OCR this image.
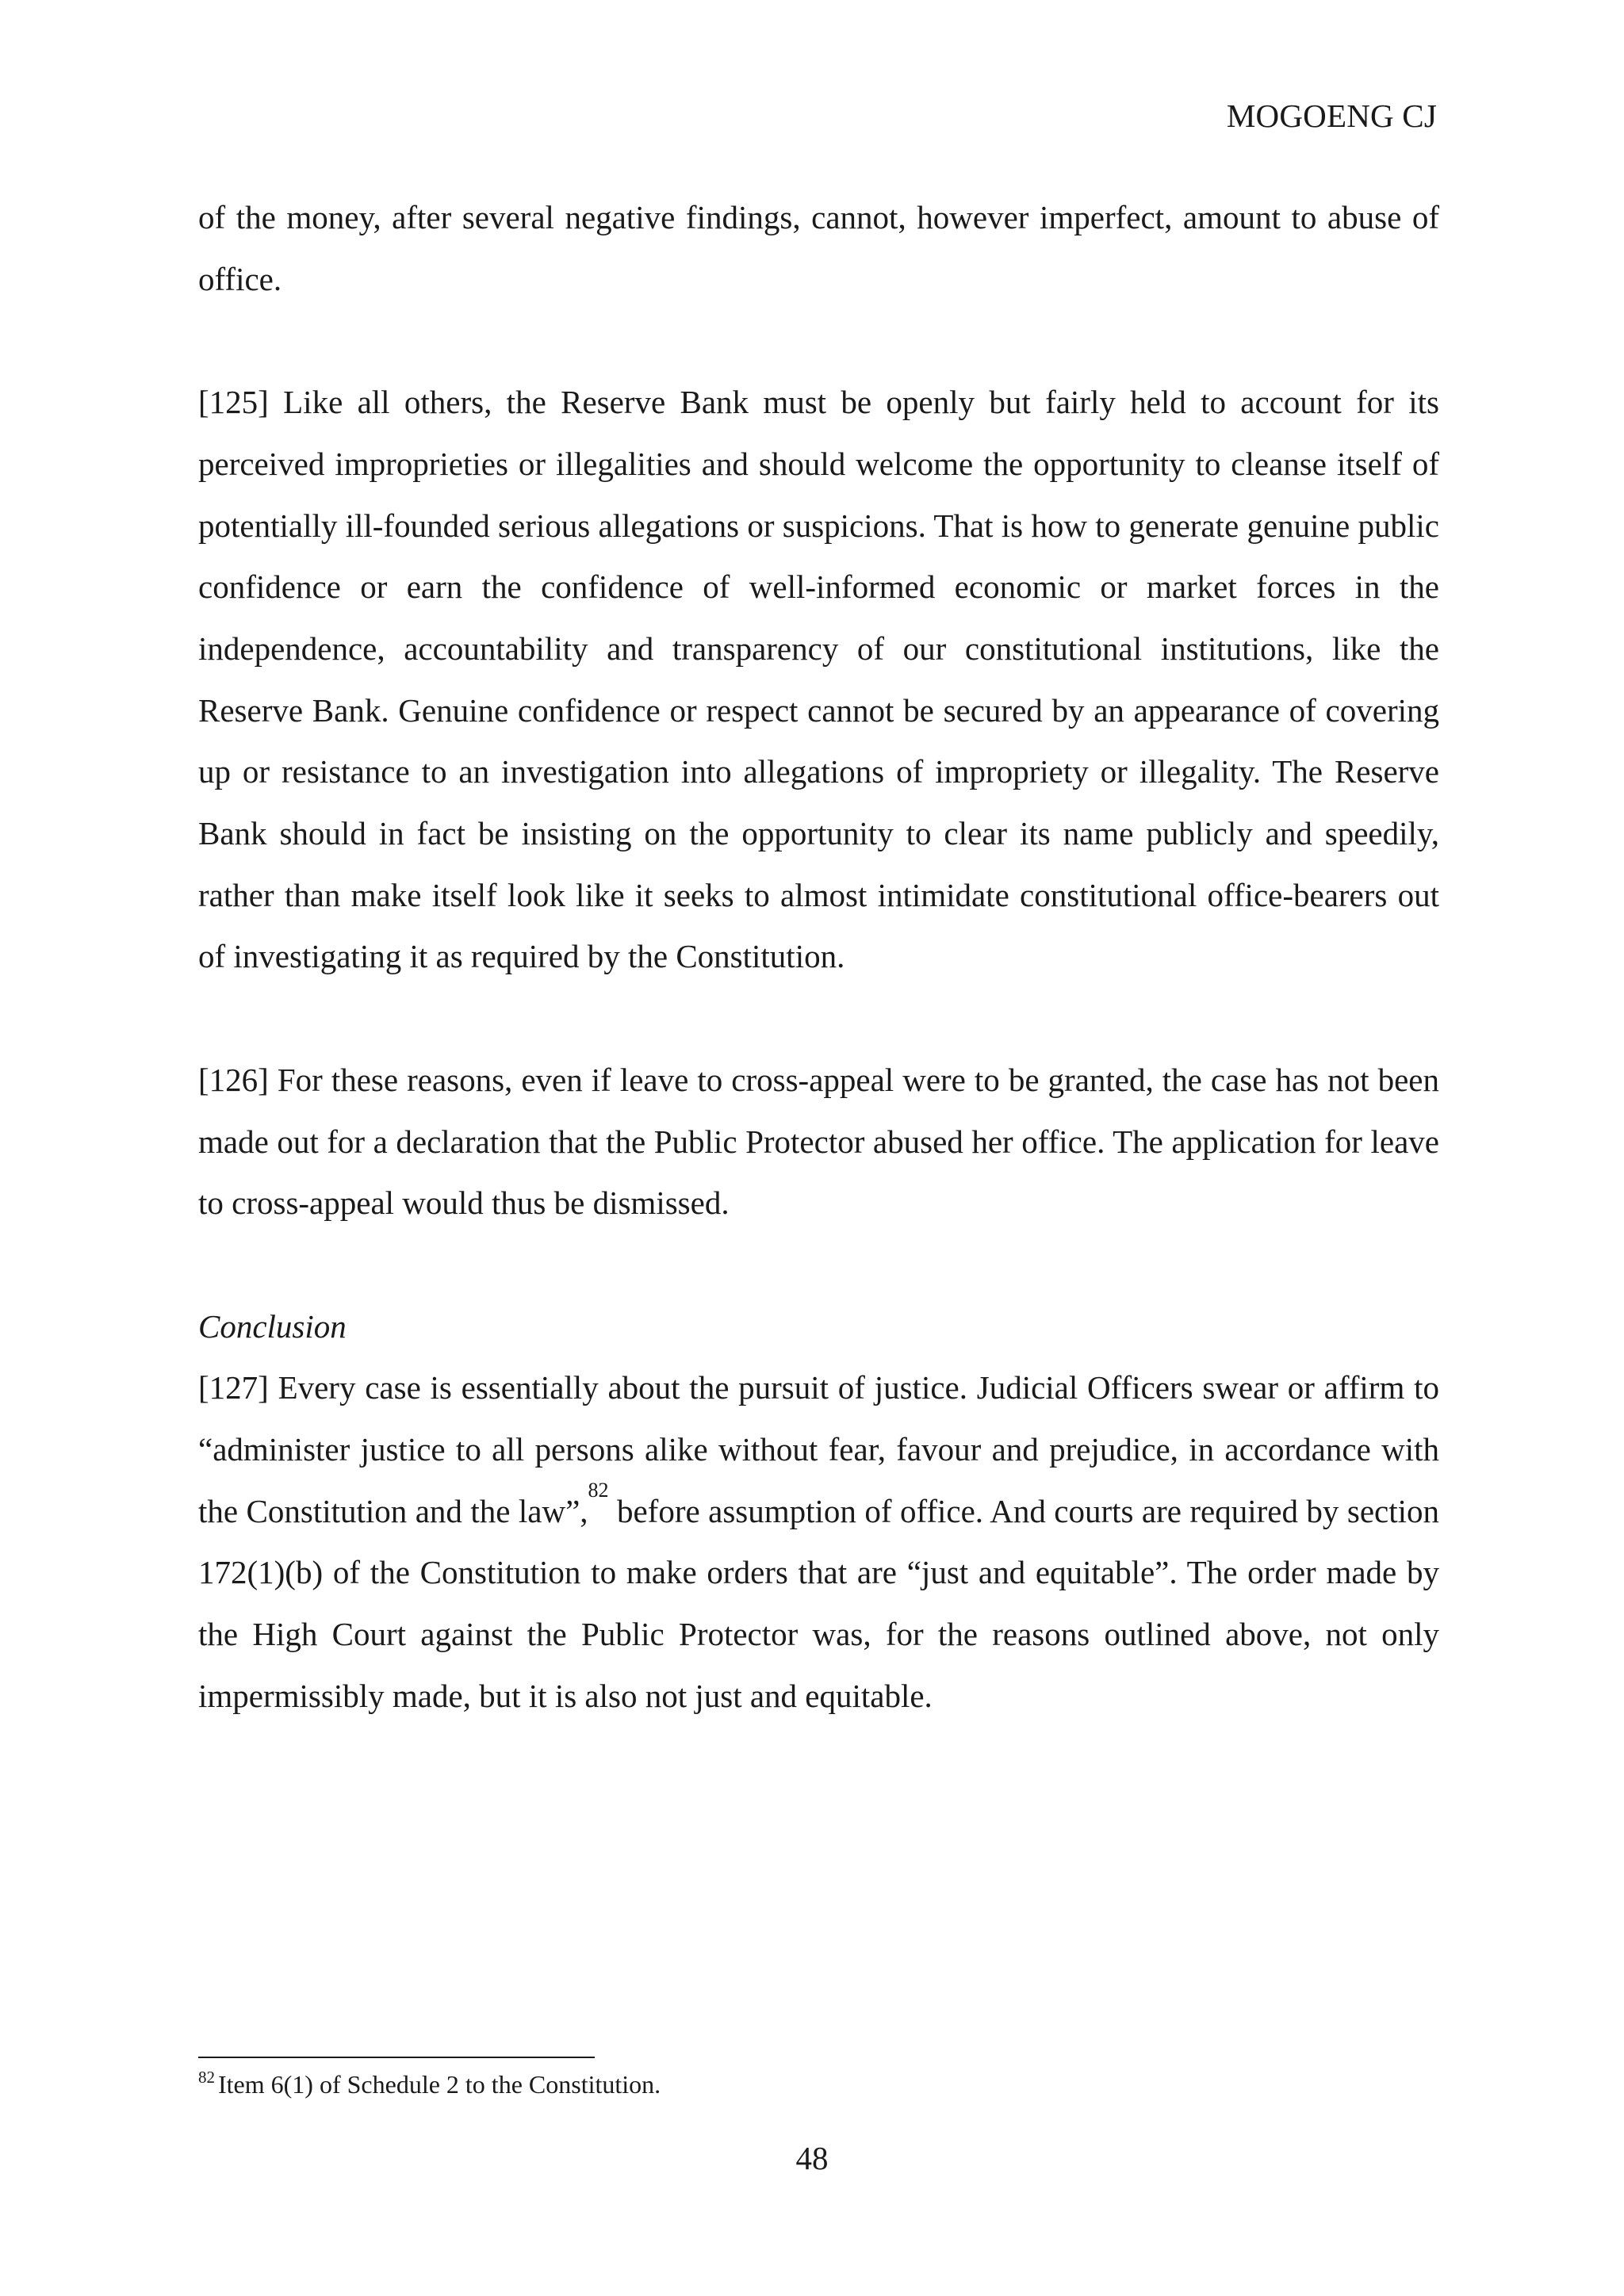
MOGOENG CJ

of the money, after several negative findings, cannot, however imperfect, amount to abuse of office.

[125] Like all others, the Reserve Bank must be openly but fairly held to account for its perceived improprieties or illegalities and should welcome the opportunity to cleanse itself of potentially ill-founded serious allegations or suspicions. That is how to generate genuine public confidence or earn the confidence of well-informed economic or market forces in the independence, accountability and transparency of our constitutional institutions, like the Reserve Bank. Genuine confidence or respect cannot be secured by an appearance of covering up or resistance to an investigation into allegations of impropriety or illegality. The Reserve Bank should in fact be insisting on the opportunity to clear its name publicly and speedily, rather than make itself look like it seeks to almost intimidate constitutional office-bearers out of investigating it as required by the Constitution.

[126] For these reasons, even if leave to cross-appeal were to be granted, the case has not been made out for a declaration that the Public Protector abused her office. The application for leave to cross-appeal would thus be dismissed.

Conclusion

[127] Every case is essentially about the pursuit of justice. Judicial Officers swear or affirm to “administer justice to all persons alike without fear, favour and prejudice, in accordance with the Constitution and the law”,$^{82}$ before assumption of office. And courts are required by section 172(1)(b) of the Constitution to make orders that are “just and equitable”. The order made by the High Court against the Public Protector was, for the reasons outlined above, not only impermissibly made, but it is also not just and equitable.

$^{82}$ Item 6(1) of Schedule 2 to the Constitution.
48
